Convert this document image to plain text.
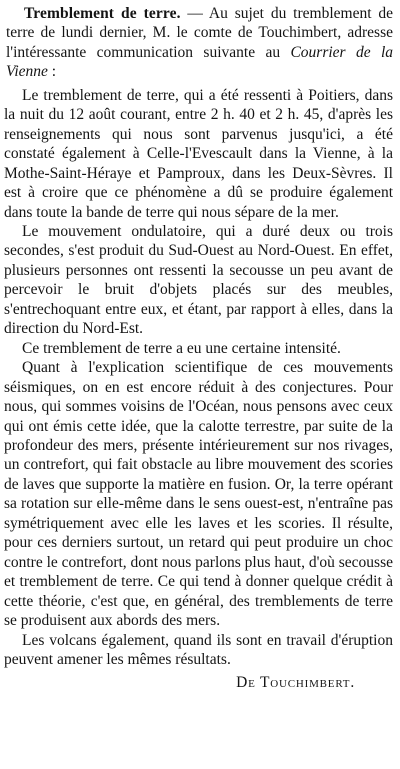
Tremblement de terre. — Au sujet du tremblement de terre de lundi dernier, M. le comte de Touchimbert, adresse l'intéressante communication suivante au Courrier de la Vienne :

Le tremblement de terre, qui a été ressenti à Poitiers, dans la nuit du 12 août courant, entre 2 h. 40 et 2 h. 45, d'après les renseignements qui nous sont parvenus jusqu'ici, a été constaté également à Celle-l'Evescault dans la Vienne, à la Mothe-Saint-Héraye et Pamproux, dans les Deux-Sèvres. Il est à croire que ce phénomène a dû se produire également dans toute la bande de terre qui nous sépare de la mer.

Le mouvement ondulatoire, qui a duré deux ou trois secondes, s'est produit du Sud-Ouest au Nord-Ouest. En effet, plusieurs personnes ont ressenti la secousse un peu avant de percevoir le bruit d'objets placés sur des meubles, s'entrechoquant entre eux, et étant, par rapport à elles, dans la direction du Nord-Est.

Ce tremblement de terre a eu une certaine intensité.

Quant à l'explication scientifique de ces mouvements séismiques, on en est encore réduit à des conjectures. Pour nous, qui sommes voisins de l'Océan, nous pensons avec ceux qui ont émis cette idée, que la calotte terrestre, par suite de la profondeur des mers, présente intérieurement sur nos rivages, un contrefort, qui fait obstacle au libre mouvement des scories de laves que supporte la matière en fusion. Or, la terre opérant sa rotation sur elle-même dans le sens ouest-est, n'entraîne pas symétriquement avec elle les laves et les scories. Il résulte, pour ces derniers surtout, un retard qui peut produire un choc contre le contrefort, dont nous parlons plus haut, d'où secousse et tremblement de terre. Ce qui tend à donner quelque crédit à cette théorie, c'est que, en général, des tremblements de terre se produisent aux abords des mers.

Les volcans également, quand ils sont en travail d'éruption peuvent amener les mêmes résultats.

De Touchimbert.
